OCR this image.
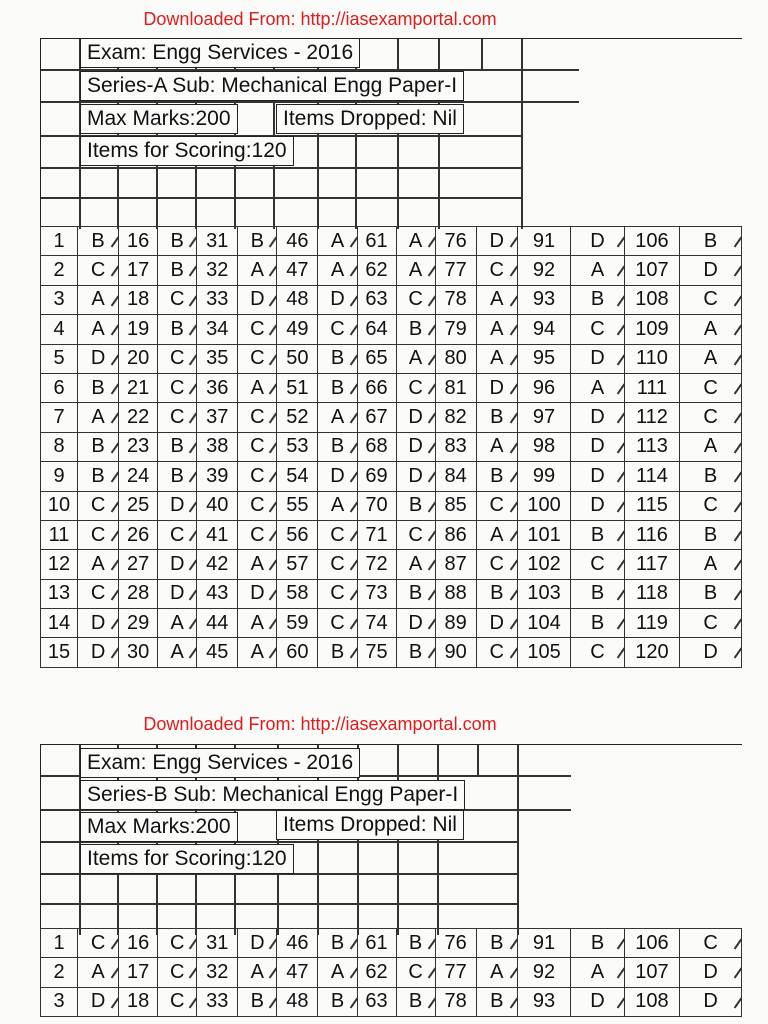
Downloaded From: http://iasexamportal.com
Exam: Engg Services - 2016
Series-A Sub: Mechanical Engg Paper-I
Max Marks:200	Items Dropped: Nil
Items for Scoring:120
1	B	16	B	31	B	46	A	61	A	76	D	91	D	106	B
2	C	17	B	32	A	47	A	62	A	77	C	92	A	107	D
3	A	18	C	33	D	48	D	63	C	78	A	93	B	108	C
4	A	19	B	34	C	49	C	64	B	79	A	94	C	109	A
5	D	20	C	35	C	50	B	65	A	80	A	95	D	110	A
6	B	21	C	36	A	51	B	66	C	81	D	96	A	111	C
7	A	22	C	37	C	52	A	67	D	82	B	97	D	112	C
8	B	23	B	38	C	53	B	68	D	83	A	98	D	113	A
9	B	24	B	39	C	54	D	69	D	84	B	99	D	114	B
10	C	25	D	40	C	55	A	70	B	85	C	100	D	115	C
11	C	26	C	41	C	56	C	71	C	86	A	101	B	116	B
12	A	27	D	42	A	57	C	72	A	87	C	102	C	117	A
13	C	28	D	43	D	58	C	73	B	88	B	103	B	118	B
14	D	29	A	44	A	59	C	74	D	89	D	104	B	119	C
15	D	30	A	45	A	60	B	75	B	90	C	105	C	120	D
Downloaded From: http://iasexamportal.com
Exam: Engg Services - 2016
Series-B Sub: Mechanical Engg Paper-I
Max Marks:200	Items Dropped: Nil
Items for Scoring:120
1	C	16	C	31	D	46	B	61	B	76	B	91	B	106	C
2	A	17	C	32	A	47	A	62	C	77	A	92	A	107	D
3	D	18	C	33	B	48	B	63	B	78	B	93	D	108	D
